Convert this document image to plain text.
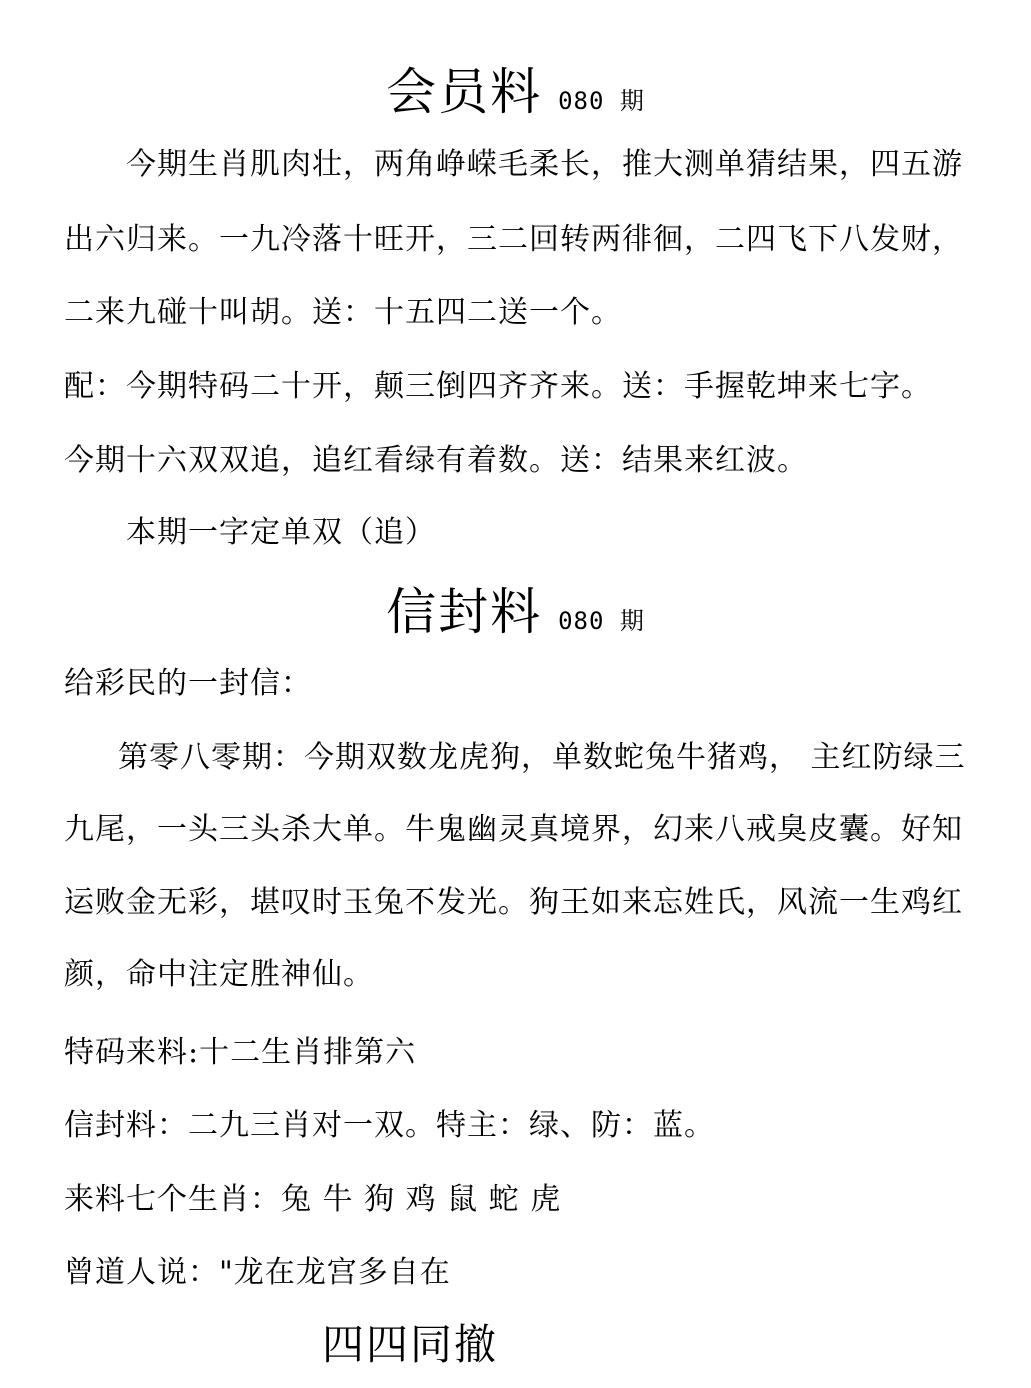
会员料 080 期
今期生肖肌肉壮，两角峥嵘毛柔长，推大测单猜结果，四五游
出六归来。一九冷落十旺开，三二回转两徘徊，二四飞下八发财，
二来九碰十叫胡。送：十五四二送一个。
配：今期特码二十开，颠三倒四齐齐来。送：手握乾坤来七字。
今期十六双双追，追红看绿有着数。送：结果来红波。
本期一字定单双（追）
信封料 080 期
给彩民的一封信：
第零八零期：今期双数龙虎狗，单数蛇兔牛猪鸡， 主红防绿三
九尾，一头三头杀大单。牛鬼幽灵真境界，幻来八戒臭皮囊。好知
运败金无彩，堪叹时玉兔不发光。狗王如来忘姓氏，风流一生鸡红
颜，命中注定胜神仙。
特码来料:十二生肖排第六
信封料：二九三肖对一双。特主：绿、防：蓝。
来料七个生肖：兔 牛 狗 鸡 鼠 蛇 虎
曾道人说："龙在龙宫多自在
四四同撤
